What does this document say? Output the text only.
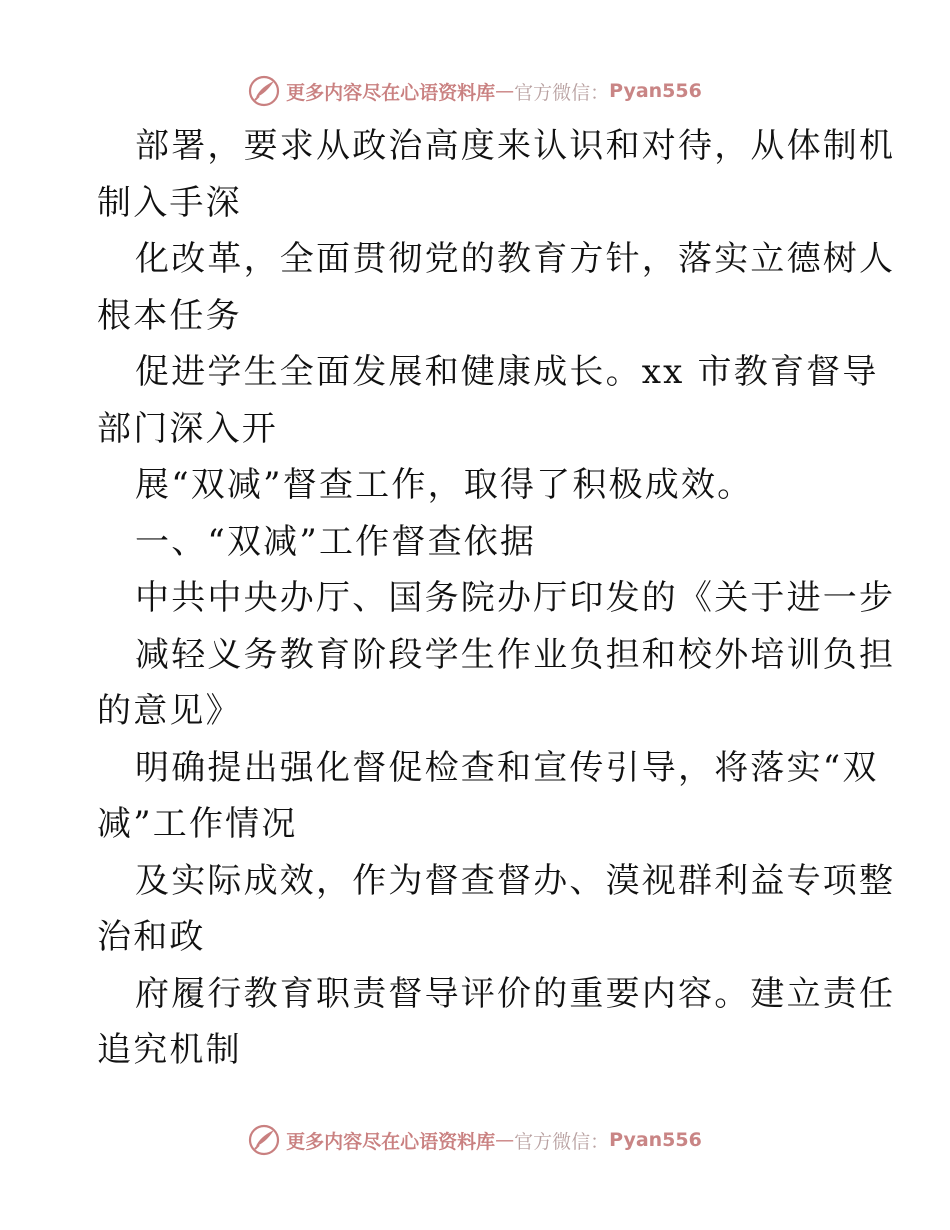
更多内容尽在心语资料库 — 官方微信： Pyan556
部署，要求从政治高度来认识和对待，从体制机
制入手深
化改革，全面贯彻党的教育方针，落实立德树人
根本任务
促进学生全面发展和健康成长。xx 市教育督导
部门深入开
展“双减”督查工作，取得了积极成效。
一、“双减”工作督查依据
中共中央办厅、国务院办厅印发的《关于进一步
减轻义务教育阶段学生作业负担和校外培训负担
的意见》
明确提出强化督促检查和宣传引导，将落实“双
减”工作情况
及实际成效，作为督查督办、漠视群利益专项整
治和政
府履行教育职责督导评价的重要内容。建立责任
追究机制
更多内容尽在心语资料库 — 官方微信： Pyan556
